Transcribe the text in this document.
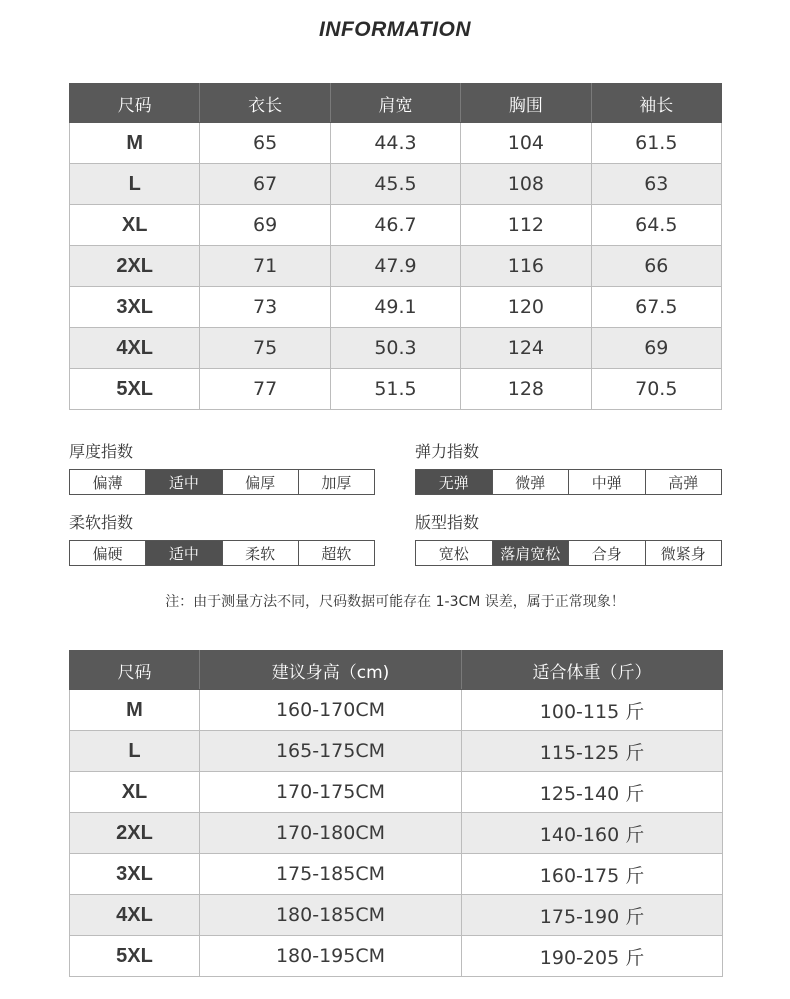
INFORMATION
尺码	衣长	肩宽	胸围	袖长
M	65	44.3	104	61.5
L	67	45.5	108	63
XL	69	46.7	112	64.5
2XL	71	47.9	116	66
3XL	73	49.1	120	67.5
4XL	75	50.3	124	69
5XL	77	51.5	128	70.5
厚度指数
偏薄	适中	偏厚	加厚
弹力指数
无弹	微弹	中弹	高弹
柔软指数
偏硬	适中	柔软	超软
版型指数
宽松	落肩宽松	合身	微紧身
注：由于测量方法不同，尺码数据可能存在 1-3CM 误差，属于正常现象！
尺码	建议身高（cm)	适合体重（斤）
M	160-170CM	100-115 斤
L	165-175CM	115-125 斤
XL	170-175CM	125-140 斤
2XL	170-180CM	140-160 斤
3XL	175-185CM	160-175 斤
4XL	180-185CM	175-190 斤
5XL	180-195CM	190-205 斤
